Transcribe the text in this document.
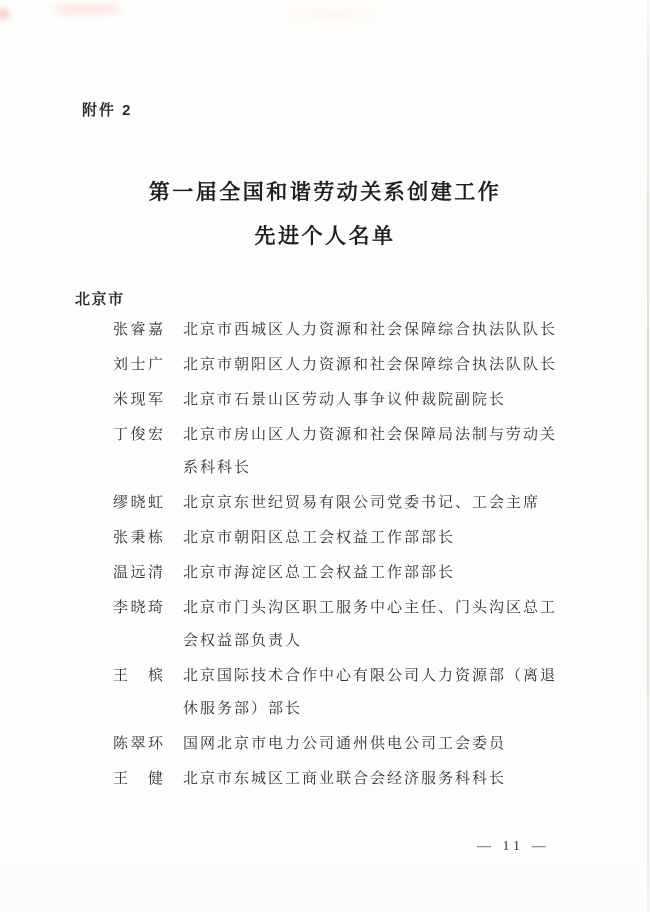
附件 2
第一届全国和谐劳动关系创建工作
先进个人名单
北京市
张睿嘉 北京市西城区人力资源和社会保障综合执法队队长
刘士广 北京市朝阳区人力资源和社会保障综合执法队队长
米现军 北京市石景山区劳动人事争议仲裁院副院长
丁俊宏 北京市房山区人力资源和社会保障局法制与劳动关系科科长
缪晓虹 北京京东世纪贸易有限公司党委书记、工会主席
张秉栋 北京市朝阳区总工会权益工作部部长
温远清 北京市海淀区总工会权益工作部部长
李晓琦 北京市门头沟区职工服务中心主任、门头沟区总工会权益部负责人
王　槟 北京国际技术合作中心有限公司人力资源部（离退休服务部）部长
陈翠环 国网北京市电力公司通州供电公司工会委员
王　健 北京市东城区工商业联合会经济服务科科长
— 11 —
